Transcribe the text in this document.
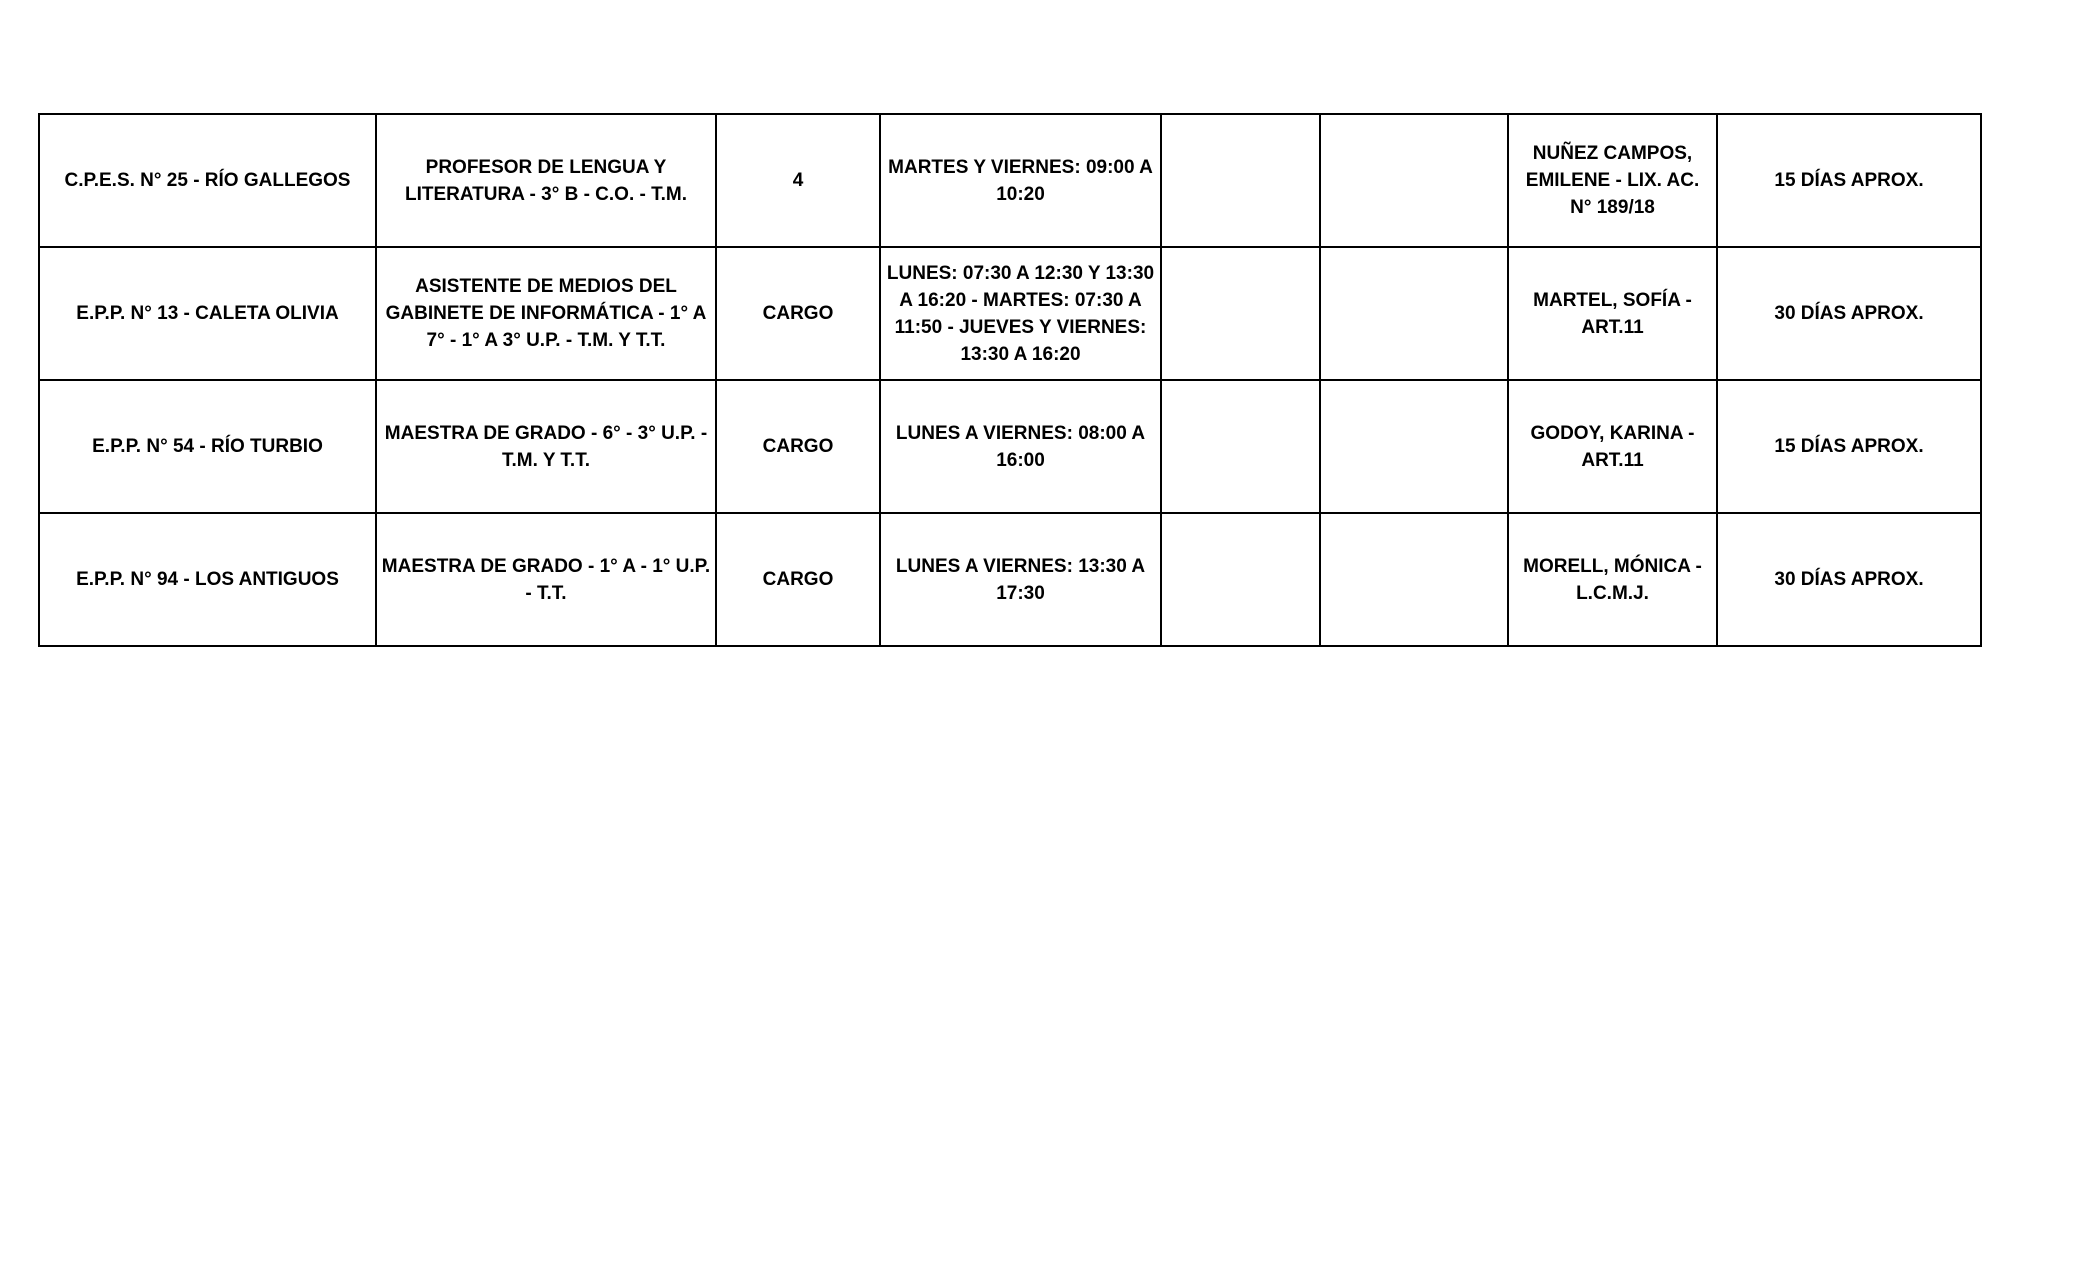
C.P.E.S. N° 25 - RÍO GALLEGOS	PROFESOR DE LENGUA Y LITERATURA - 3° B - C.O. - T.M.	4	MARTES Y VIERNES: 09:00 A 10:20			NUÑEZ CAMPOS, EMILENE - LIX. AC. N° 189/18	15 DÍAS APROX.
E.P.P. N° 13 - CALETA OLIVIA	ASISTENTE DE MEDIOS DEL GABINETE DE INFORMÁTICA - 1° A 7° - 1° A 3° U.P. - T.M. Y T.T.	CARGO	LUNES: 07:30 A 12:30 Y 13:30 A 16:20 - MARTES: 07:30 A 11:50 - JUEVES Y VIERNES: 13:30 A 16:20			MARTEL, SOFÍA - ART.11	30 DÍAS APROX.
E.P.P. N° 54 - RÍO TURBIO	MAESTRA DE GRADO - 6° - 3° U.P. - T.M. Y T.T.	CARGO	LUNES A VIERNES: 08:00 A 16:00			GODOY, KARINA - ART.11	15 DÍAS APROX.
E.P.P. N° 94 - LOS ANTIGUOS	MAESTRA DE GRADO - 1° A - 1° U.P. - T.T.	CARGO	LUNES A VIERNES: 13:30 A 17:30			MORELL, MÓNICA - L.C.M.J.	30 DÍAS APROX.
